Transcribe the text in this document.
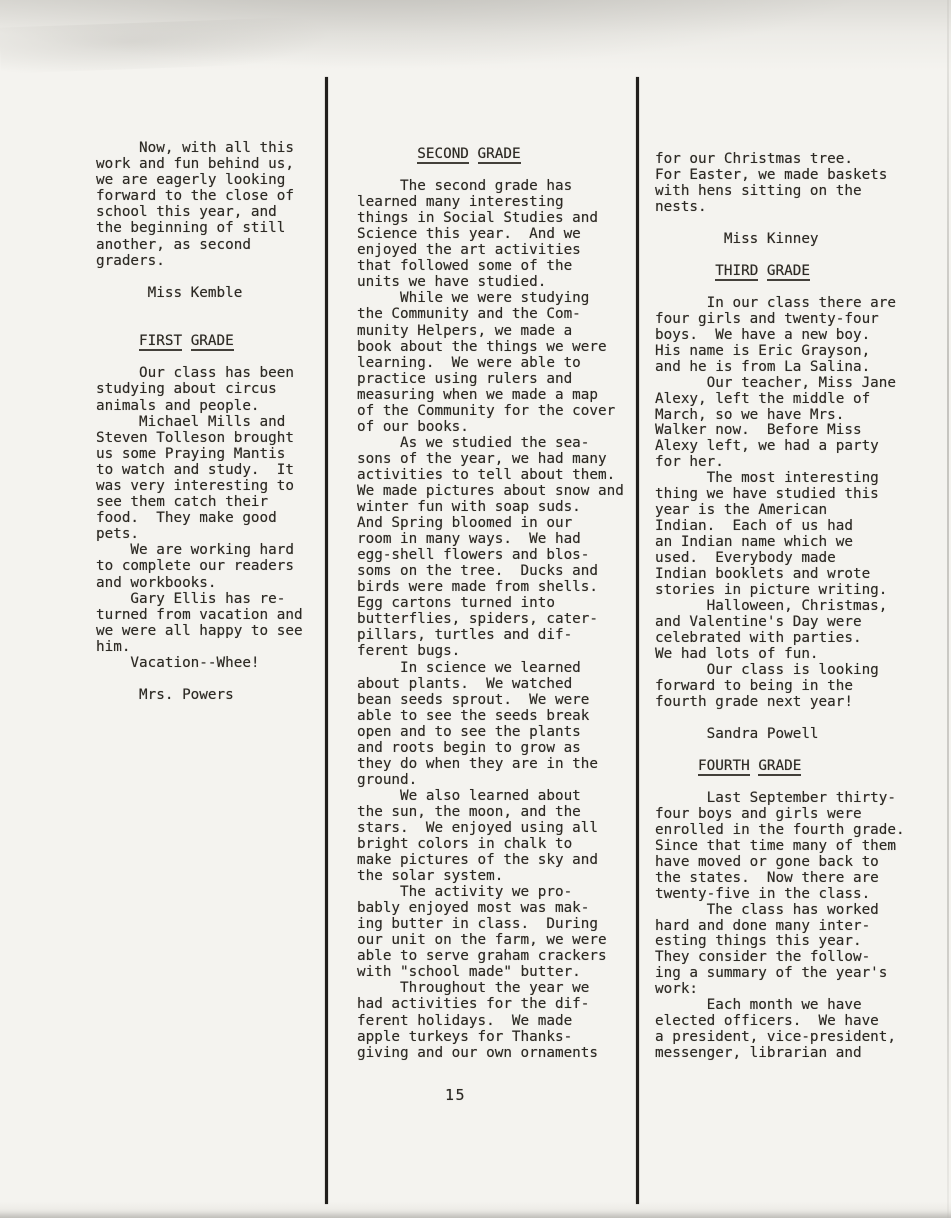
Now, with all this
work and fun behind us,
we are eagerly looking
forward to the close of
school this year, and
the beginning of still
another, as second
graders.
Miss Kemble
FIRST GRADE
Our class has been
studying about circus
animals and people.
Michael Mills and
Steven Tolleson brought
us some Praying Mantis
to watch and study.  It
was very interesting to
see them catch their
food.  They make good
pets.
We are working hard
to complete our readers
and workbooks.
Gary Ellis has re-
turned from vacation and
we were all happy to see
him.
Vacation--Whee!
Mrs. Powers
SECOND GRADE
The second grade has
learned many interesting
things in Social Studies and
Science this year.  And we
enjoyed the art activities
that followed some of the
units we have studied.
While we were studying
the Community and the Com-
munity Helpers, we made a
book about the things we were
learning.  We were able to
practice using rulers and
measuring when we made a map
of the Community for the cover
of our books.
As we studied the sea-
sons of the year, we had many
activities to tell about them.
We made pictures about snow and
winter fun with soap suds.
And Spring bloomed in our
room in many ways.  We had
egg-shell flowers and blos-
soms on the tree.  Ducks and
birds were made from shells.
Egg cartons turned into
butterflies, spiders, cater-
pillars, turtles and dif-
ferent bugs.
In science we learned
about plants.  We watched
bean seeds sprout.  We were
able to see the seeds break
open and to see the plants
and roots begin to grow as
they do when they are in the
ground.
We also learned about
the sun, the moon, and the
stars.  We enjoyed using all
bright colors in chalk to
make pictures of the sky and
the solar system.
The activity we pro-
bably enjoyed most was mak-
ing butter in class.  During
our unit on the farm, we were
able to serve graham crackers
with "school made" butter.
Throughout the year we
had activities for the dif-
ferent holidays.  We made
apple turkeys for Thanks-
giving and our own ornaments
for our Christmas tree.
For Easter, we made baskets
with hens sitting on the
nests.
Miss Kinney
THIRD GRADE
In our class there are
four girls and twenty-four
boys.  We have a new boy.
His name is Eric Grayson,
and he is from La Salina.
Our teacher, Miss Jane
Alexy, left the middle of
March, so we have Mrs.
Walker now.  Before Miss
Alexy left, we had a party
for her.
The most interesting
thing we have studied this
year is the American
Indian.  Each of us had
an Indian name which we
used.  Everybody made
Indian booklets and wrote
stories in picture writing.
Halloween, Christmas,
and Valentine's Day were
celebrated with parties.
We had lots of fun.
Our class is looking
forward to being in the
fourth grade next year!
Sandra Powell
FOURTH GRADE
Last September thirty-
four boys and girls were
enrolled in the fourth grade.
Since that time many of them
have moved or gone back to
the states.  Now there are
twenty-five in the class.
The class has worked
hard and done many inter-
esting things this year.
They consider the follow-
ing a summary of the year's
work:
Each month we have
elected officers.  We have
a president, vice-president,
messenger, librarian and
15
